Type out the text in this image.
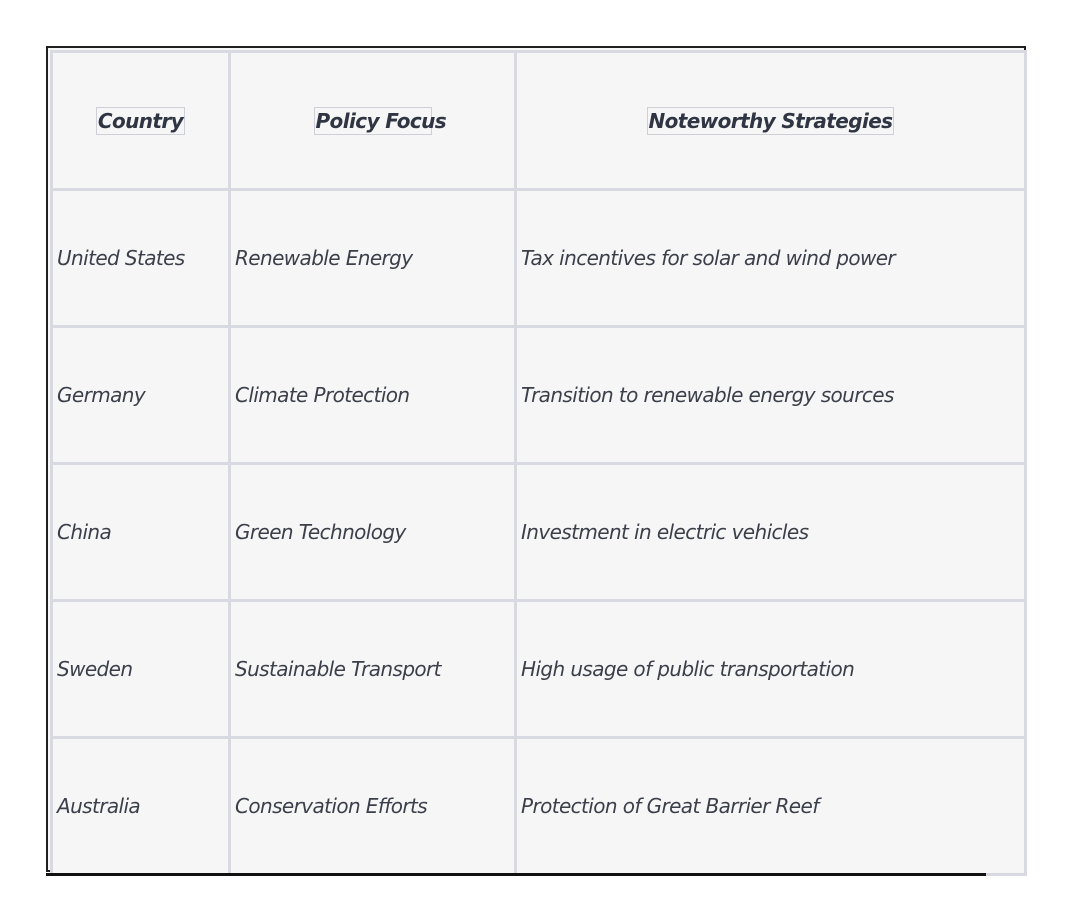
Country	Policy Focus	Noteworthy Strategies
United States	Renewable Energy	Tax incentives for solar and wind power
Germany	Climate Protection	Transition to renewable energy sources
China	Green Technology	Investment in electric vehicles
Sweden	Sustainable Transport	High usage of public transportation
Australia	Conservation Efforts	Protection of Great Barrier Reef
